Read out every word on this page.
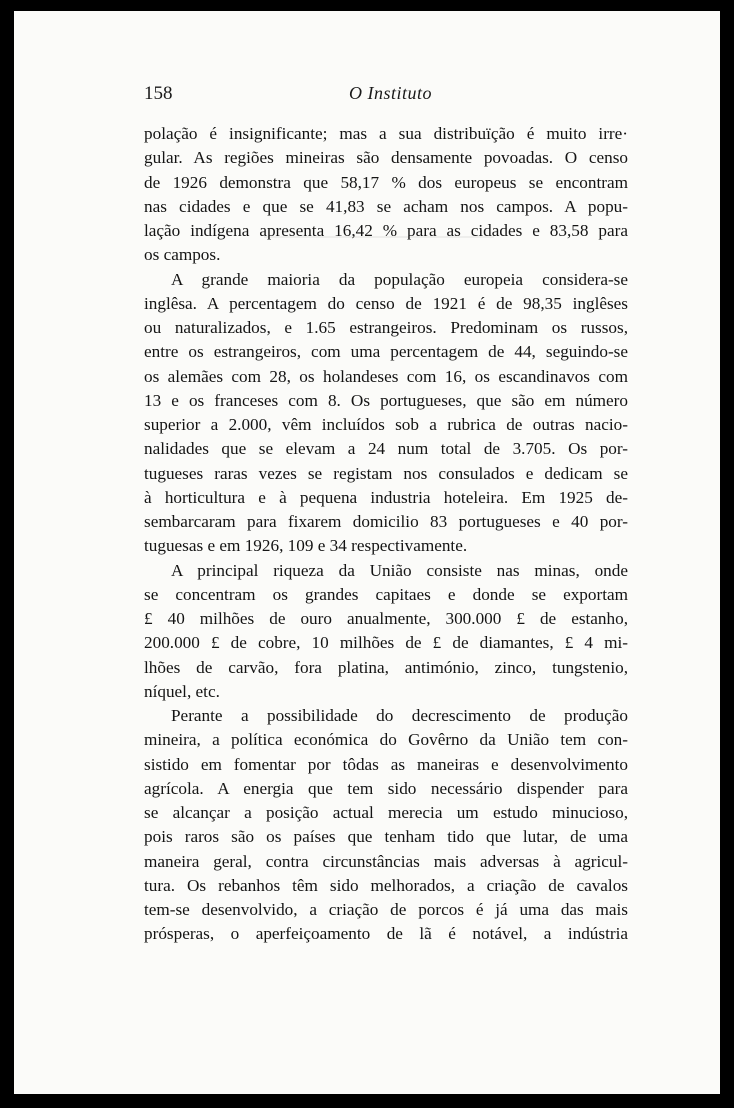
158	O Instituto
polação é insignificante; mas a sua distribuïção é muito irre·
gular. As regiões mineiras são densamente povoadas. O censo
de 1926 demonstra que 58,17 % dos europeus se encontram
nas cidades e que se 41,83 se acham nos campos. A popu-
lação indígena apresenta 16,42 % para as cidades e 83,58 para
os campos.
A grande maioria da população europeia considera-se
inglêsa. A percentagem do censo de 1921 é de 98,35 inglêses
ou naturalizados, e 1.65 estrangeiros. Predominam os russos,
entre os estrangeiros, com uma percentagem de 44, seguindo-se
os alemães com 28, os holandeses com 16, os escandinavos com
13 e os franceses com 8. Os portugueses, que são em número
superior a 2.000, vêm incluídos sob a rubrica de outras nacio-
nalidades que se elevam a 24 num total de 3.705. Os por-
tugueses raras vezes se registam nos consulados e dedicam se
à horticultura e à pequena industria hoteleira. Em 1925 de-
sembarcaram para fixarem domicilio 83 portugueses e 40 por-
tuguesas e em 1926, 109 e 34 respectivamente.
A principal riqueza da União consiste nas minas, onde
se concentram os grandes capitaes e donde se exportam
£ 40 milhões de ouro anualmente, 300.000 £ de estanho,
200.000 £ de cobre, 10 milhões de £ de diamantes, £ 4 mi-
lhões de carvão, fora platina, antimónio, zinco, tungstenio,
níquel, etc.
Perante a possibilidade do decrescimento de produção
mineira, a política económica do Govêrno da União tem con-
sistido em fomentar por tôdas as maneiras e desenvolvimento
agrícola. A energia que tem sido necessário dispender para
se alcançar a posição actual merecia um estudo minucioso,
pois raros são os países que tenham tido que lutar, de uma
maneira geral, contra circunstâncias mais adversas à agricul-
tura. Os rebanhos têm sido melhorados, a criação de cavalos
tem-se desenvolvido, a criação de porcos é já uma das mais
prósperas, o aperfeiçoamento de lã é notável, a indústria
